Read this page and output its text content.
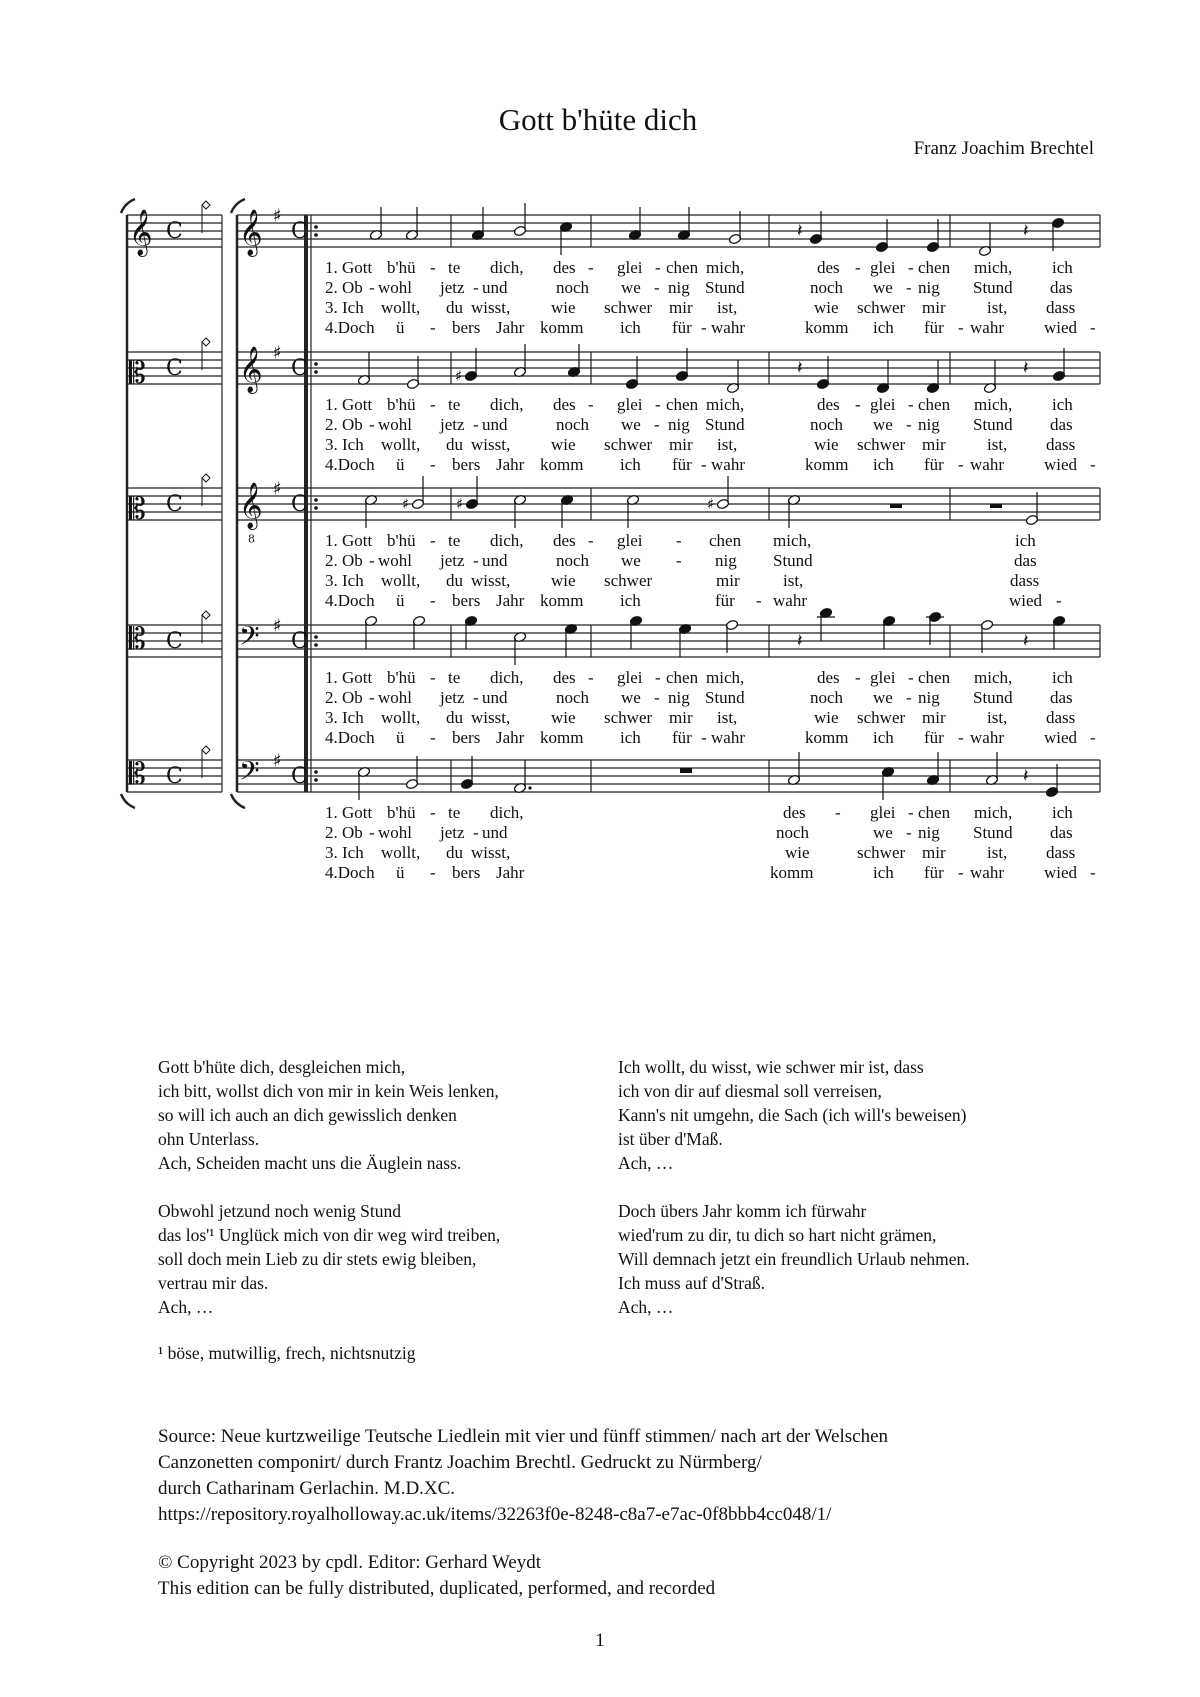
Gott b'hüte dich
Franz Joachim Brechtel
C	C
♯
𝄞 𝄞
C	C
♯
𝄡 𝄞
C	C
♯
𝄡 𝄞
8
C	C
♯
𝄡	𝄢
C	C
♯
𝄡	𝄢
𝄽	𝄽
♯	𝄽	𝄽
♯	♯	♯
𝄽	𝄽
𝄽
1. Gott b'hü - te dich, des - glei - chen mich,	des - glei - chen mich, ich
2. Ob - wohl jetz - und	noch we - nig Stund	noch we - nig Stund das
3. Ich wollt, du wisst, wie schwer mir ist,	wie schwer mir ist, dass
4.Doch ü - bers Jahr komm ich für - wahr	komm ich für - wahr wied -
1. Gott b'hü - te dich, des - glei - chen mich,	des - glei - chen mich, ich
2. Ob - wohl jetz - und	noch we - nig Stund	noch we - nig Stund das
3. Ich wollt, du wisst, wie schwer mir ist,	wie schwer mir ist, dass
4.Doch ü - bers Jahr komm ich für - wahr	komm ich für - wahr wied -
1. Gott b'hü - te dich, des - glei - chen mich,	ich
2. Ob - wohl jetz - und	noch we - nig Stund	das
3. Ich wollt, du wisst, wie schwer	mir	ist,	dass
4.Doch ü - bers Jahr komm ich	für - wahr	wied -
1. Gott b'hü - te dich, des - glei - chen mich,	des - glei - chen mich, ich
2. Ob - wohl jetz - und	noch we - nig Stund	noch we - nig Stund das
3. Ich wollt, du wisst, wie schwer mir ist,	wie schwer mir ist, dass
4.Doch ü - bers Jahr komm ich für - wahr	komm ich für - wahr wied -
1. Gott b'hü - te dich,	des - glei - chen mich, ich
2. Ob - wohl jetz - und	noch	we - nig Stund das
3. Ich wollt, du wisst,	wie	schwer mir ist, dass
4.Doch ü - bers Jahr	komm	ich für - wahr wied -
Gott b'hüte dich, desgleichen mich,
ich bitt, wollst dich von mir in kein Weis lenken,
so will ich auch an dich gewisslich denken
ohn Unterlass.
Ach, Scheiden macht uns die Äuglein nass.
Obwohl jetzund noch wenig Stund
das los'¹ Unglück mich von dir weg wird treiben,
soll doch mein Lieb zu dir stets ewig bleiben,
vertrau mir das.
Ach, …
¹ böse, mutwillig, frech, nichtsnutzig
Ich wollt, du wisst, wie schwer mir ist, dass
ich von dir auf diesmal soll verreisen,
Kann's nit umgehn, die Sach (ich will's beweisen)
ist über d'Maß.
Ach, …
Doch übers Jahr komm ich fürwahr
wied'rum zu dir, tu dich so hart nicht grämen,
Will demnach jetzt ein freundlich Urlaub nehmen.
Ich muss auf d'Straß.
Ach, …
Source: Neue kurtzweilige Teutsche Liedlein mit vier und fünff stimmen/ nach art der Welschen
Canzonetten componirt/ durch Frantz Joachim Brechtl. Gedruckt zu Nürmberg/
durch Catharinam Gerlachin. M.D.XC.
https://repository.royalholloway.ac.uk/items/32263f0e-8248-c8a7-e7ac-0f8bbb4cc048/1/
© Copyright 2023 by cpdl. Editor: Gerhard Weydt
This edition can be fully distributed, duplicated, performed, and recorded
1
